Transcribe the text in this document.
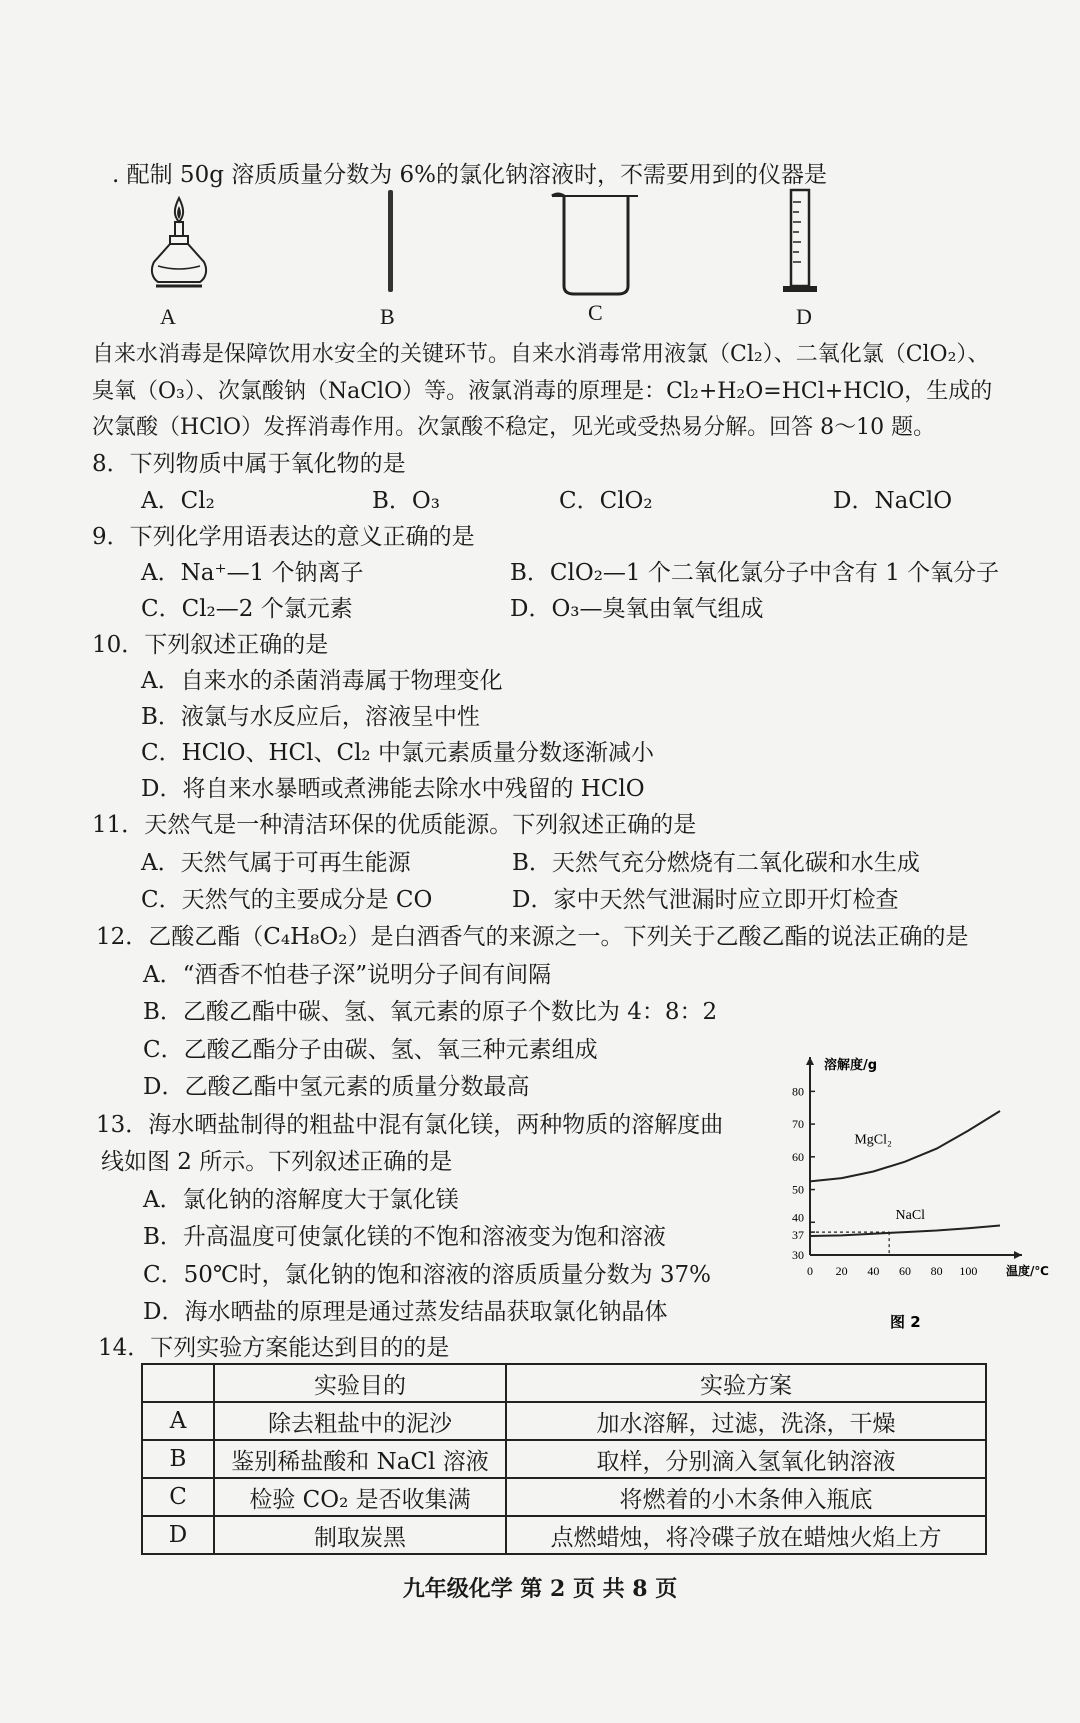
. 配制 50g 溶质质量分数为 6%的氯化钠溶液时，不需要用到的仪器是
A	B	C	D
自来水消毒是保障饮用水安全的关键环节。自来水消毒常用液氯（Cl₂）、二氧化氯（ClO₂）、
臭氧（O₃）、次氯酸钠（NaClO）等。液氯消毒的原理是：Cl₂+H₂O=HCl+HClO，生成的
次氯酸（HClO）发挥消毒作用。次氯酸不稳定，见光或受热易分解。回答 8～10 题。
8．下列物质中属于氧化物的是
A．Cl₂	B．O₃	C．ClO₂	D．NaClO
9．下列化学用语表达的意义正确的是
A．Na⁺—1 个钠离子	B．ClO₂—1 个二氧化氯分子中含有 1 个氧分子
C．Cl₂—2 个氯元素	D．O₃—臭氧由氧气组成
10．下列叙述正确的是
A．自来水的杀菌消毒属于物理变化
B．液氯与水反应后，溶液呈中性
C．HClO、HCl、Cl₂ 中氯元素质量分数逐渐减小
D．将自来水暴晒或煮沸能去除水中残留的 HClO
11．天然气是一种清洁环保的优质能源。下列叙述正确的是
A．天然气属于可再生能源	B．天然气充分燃烧有二氧化碳和水生成
C．天然气的主要成分是 CO	D．家中天然气泄漏时应立即开灯检查
12．乙酸乙酯（C₄H₈O₂）是白酒香气的来源之一。下列关于乙酸乙酯的说法正确的是
A．“酒香不怕巷子深”说明分子间有间隔
B．乙酸乙酯中碳、氢、氧元素的原子个数比为 4：8：2
C．乙酸乙酯分子由碳、氢、氧三种元素组成
D．乙酸乙酯中氢元素的质量分数最高
13．海水晒盐制得的粗盐中混有氯化镁，两种物质的溶解度曲
线如图 2 所示。下列叙述正确的是
A．氯化钠的溶解度大于氯化镁
B．升高温度可使氯化镁的不饱和溶液变为饱和溶液
C．50℃时，氯化钠的饱和溶液的溶质质量分数为 37%
D．海水晒盐的原理是通过蒸发结晶获取氯化钠晶体
30
37
40
50
60
70
80
0 20 40 60 80 100
溶解度/g
温度/℃
MgCl₂
NaCl
图 2
14．下列实验方案能达到目的的是
	实验目的	实验方案
A	除去粗盐中的泥沙	加水溶解，过滤，洗涤，干燥
B	鉴别稀盐酸和 NaCl 溶液	取样，分别滴入氢氧化钠溶液
C	检验 CO₂ 是否收集满	将燃着的小木条伸入瓶底
D	制取炭黑	点燃蜡烛，将冷碟子放在蜡烛火焰上方
九年级化学 第 2 页 共 8 页
